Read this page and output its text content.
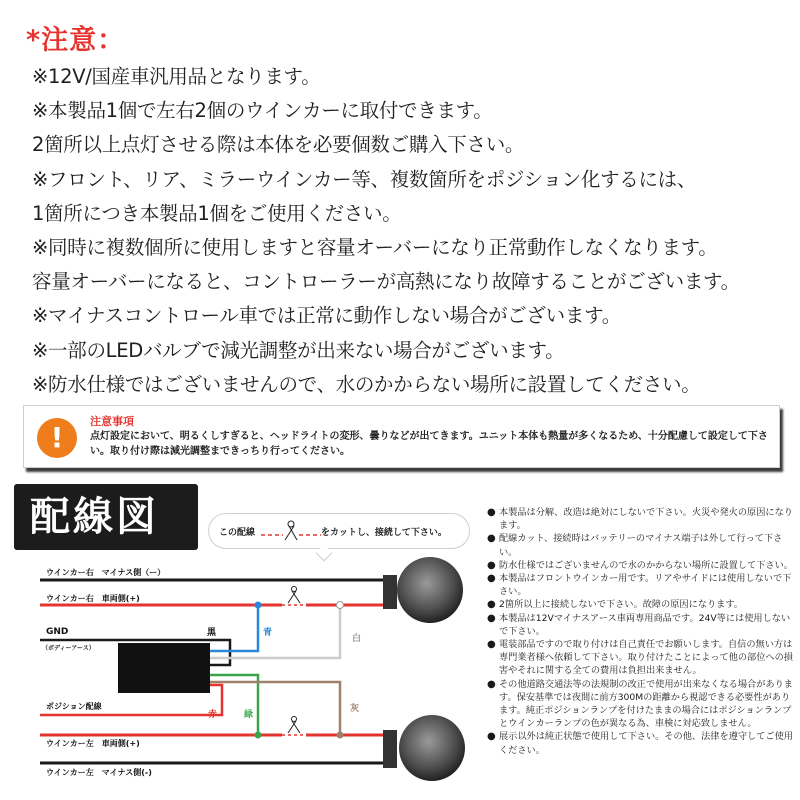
*注意：
※12V/国産車汎用品となります。
※本製品1個で左右2個のウインカーに取付できます。
2箇所以上点灯させる際は本体を必要個数ご購入下さい。
※フロント、リア、ミラーウインカー等、複数箇所をポジション化するには、
1箇所につき本製品1個をご使用ください。
※同時に複数個所に使用しますと容量オーバーになり正常動作しなくなります。
容量オーバーになると、コントローラーが高熱になり故障することがございます。
※マイナスコントロール車では正常に動作しない場合がございます。
※一部のLEDバルブで減光調整が出来ない場合がございます。
※防水仕様ではございませんので、水のかからない場所に設置してください。
!	注意事項
点灯設定において、明るくしすぎると、ヘッドライトの変形、曇りなどが出てきます。ユニット本体も熱量が多くなるため、十分配慮して設定して下さい。取り付け際は減光調整まできっちり行ってください。
配線図	この配線	をカットし、接続して下さい。
ウインカー右　マイナス側（ー）
ウインカー右　車両側(+)
GND
（ボディーアース）
ポジション配線
ウインカー左　車両側(+)
ウインカー左　マイナス側(-)
黒	青
白
赤	緑
灰
● 本製品は分解、改造は絶対にしないで下さい。火災や発火の原因になります。
● 配線カット、接続時はバッテリーのマイナス端子は外して行って下さい。
● 防水仕様ではございませんので水のかからない場所に設置して下さい。
● 本製品はフロントウインカー用です。リアやサイドには使用しないで下さい。
● 2箇所以上に接続しないで下さい。故障の原因になります。
● 本製品は12Vマイナスアース車両専用商品です。24V等には使用しないで下さい。
● 電装部品ですので取り付けは自己責任でお願いします。自信の無い方は専門業者様へ依頼して下さい。取り付けたことによって他の部位への損害やそれに関する全ての費用は負担出来ません。
● その他道路交通法等の法規制の改正で使用が出来なくなる場合があります。保安基準では夜間に前方300Mの距離から視認できる必要性があります。純正ポジションランプを付けたままの場合にはポジションランプとウインカーランプの色が異なる為、車検に対応致しません。
● 展示以外は純正状態で使用して下さい。その他、法律を遵守してご使用ください。
